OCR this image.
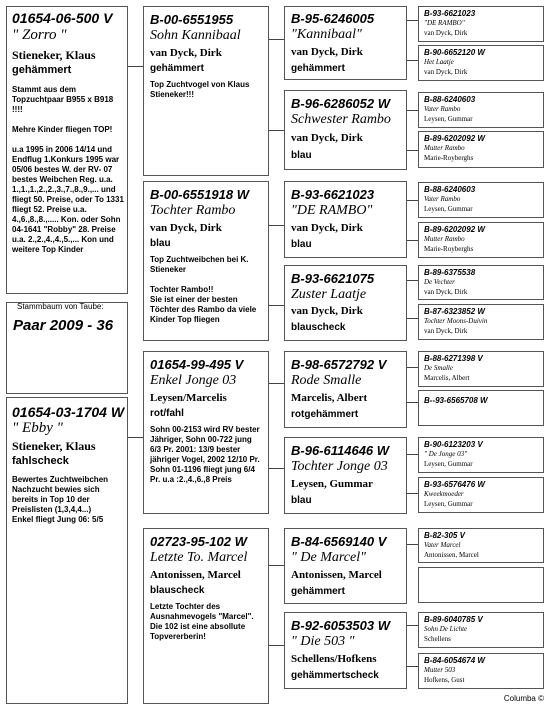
01654-06-500 V
" Zorro "
Stieneker, Klaus
gehämmert
Stammt aus dem Topzuchtpaar B955 x B918 !!!!

Mehre Kinder fliegen TOP!

u.a 1995 in 2006 14/14 und Endflug 1.Konkurs 1995 war 05/06 bestes W. der RV- 07 bestes Weibchen Reg. u.a. 1.,1.,1.,2.,2.,3.,7.,8.,9.,... und fliegt 50. Preise, oder To 1331 fliegt 52. Preise u.a. 4.,6.,8.,8.,..... Kon. oder Sohn 04-1641 "Robby" 28. Preise u.a. 2.,2.,4.,4.,5.,... Kon und weitere Top Kinder
Stammbaum von Taube:
Paar 2009 - 36
01654-03-1704 W
" Ebby "
Stieneker, Klaus
fahlscheck
Bewertes Zuchtweibchen Nachzucht bewies sich bereits in Top 10 der Preislisten (1,3,4,4...)
Enkel fliegt Jung 06: 5/5
B-00-6551955
Sohn Kannibaal
van Dyck, Dirk
gehämmert
Top Zuchtvogel von Klaus Stieneker!!!
B-00-6551918 W
Tochter Rambo
van Dyck, Dirk
blau
Top Zuchtweibchen bei K. Stieneker

Tochter Rambo!!
Sie ist einer der besten Töchter des Rambo da viele Kinder Top fliegen
01654-99-495 V
Enkel Jonge 03
Leysen/Marcelis
rot/fahl
Sohn 00-2153 wird RV bester Jähriger, Sohn 00-722 jung 6/3 Pr. 2001: 13/9 bester jähriger Vogel, 2002 12/10 Pr.
Sohn 01-1196 fliegt jung 6/4 Pr. u.a :2.,4.,6.,8 Preis
02723-95-102 W
Letzte To. Marcel
Antonissen, Marcel
blauscheck
Letzte Tochter des Ausnahmevogels "Marcel".
Die 102 ist eine absollute Topvererberin!
B-95-6246005
"Kannibaal"
van Dyck, Dirk
gehämmert
B-96-6286052 W
Schwester Rambo
van Dyck, Dirk
blau
B-93-6621023
"DE RAMBO"
van Dyck, Dirk
blau
B-93-6621075
Zuster Laatje
van Dyck, Dirk
blauscheck
B-98-6572792 V
Rode Smalle
Marcelis, Albert
rotgehämmert
B-96-6114646 W
Tochter Jonge 03
Leysen, Gummar
blau
B-84-6569140 V
" De Marcel"
Antonissen, Marcel
gehämmert
B-92-6053503 W
" Die 503 "
Schellens/Hofkens
gehämmertscheck
B-93-6621023
"DE RAMBO"
van Dyck, Dirk
B-90-6652120 W
Het Laatje
van Dyck, Dirk
B-88-6240603
Vater Rambo
Leysen, Gummar
B-89-6202092 W
Mutter Rambo
Marie-Royberghs
B-88-6240603
Vater Rambo
Leysen, Gummar
B-89-6202092 W
Mutter Rambo
Marie-Royberghs
B-89-6375538
De Vechter
van Dyck, Dirk
B-87-6323852 W
Tochter Moons-Duivin
van Dyck, Dirk
B-88-6271398 V
De Smalle
Marcelis, Albert
B--93-6565708 W
B-90-6123203 V
" De Jonge 03"
Leysen, Gummar
B-93-6576476 W
Kweekmoeder
Leysen, Gummar
B-82-305 V
Vater Marcel
Antonissen, Marcel
B-89-6040785 V
Sohn De Lichte
Schellens
B-84-6054674 W
Mutter 503
Hofkens, Gust
Columba ©
